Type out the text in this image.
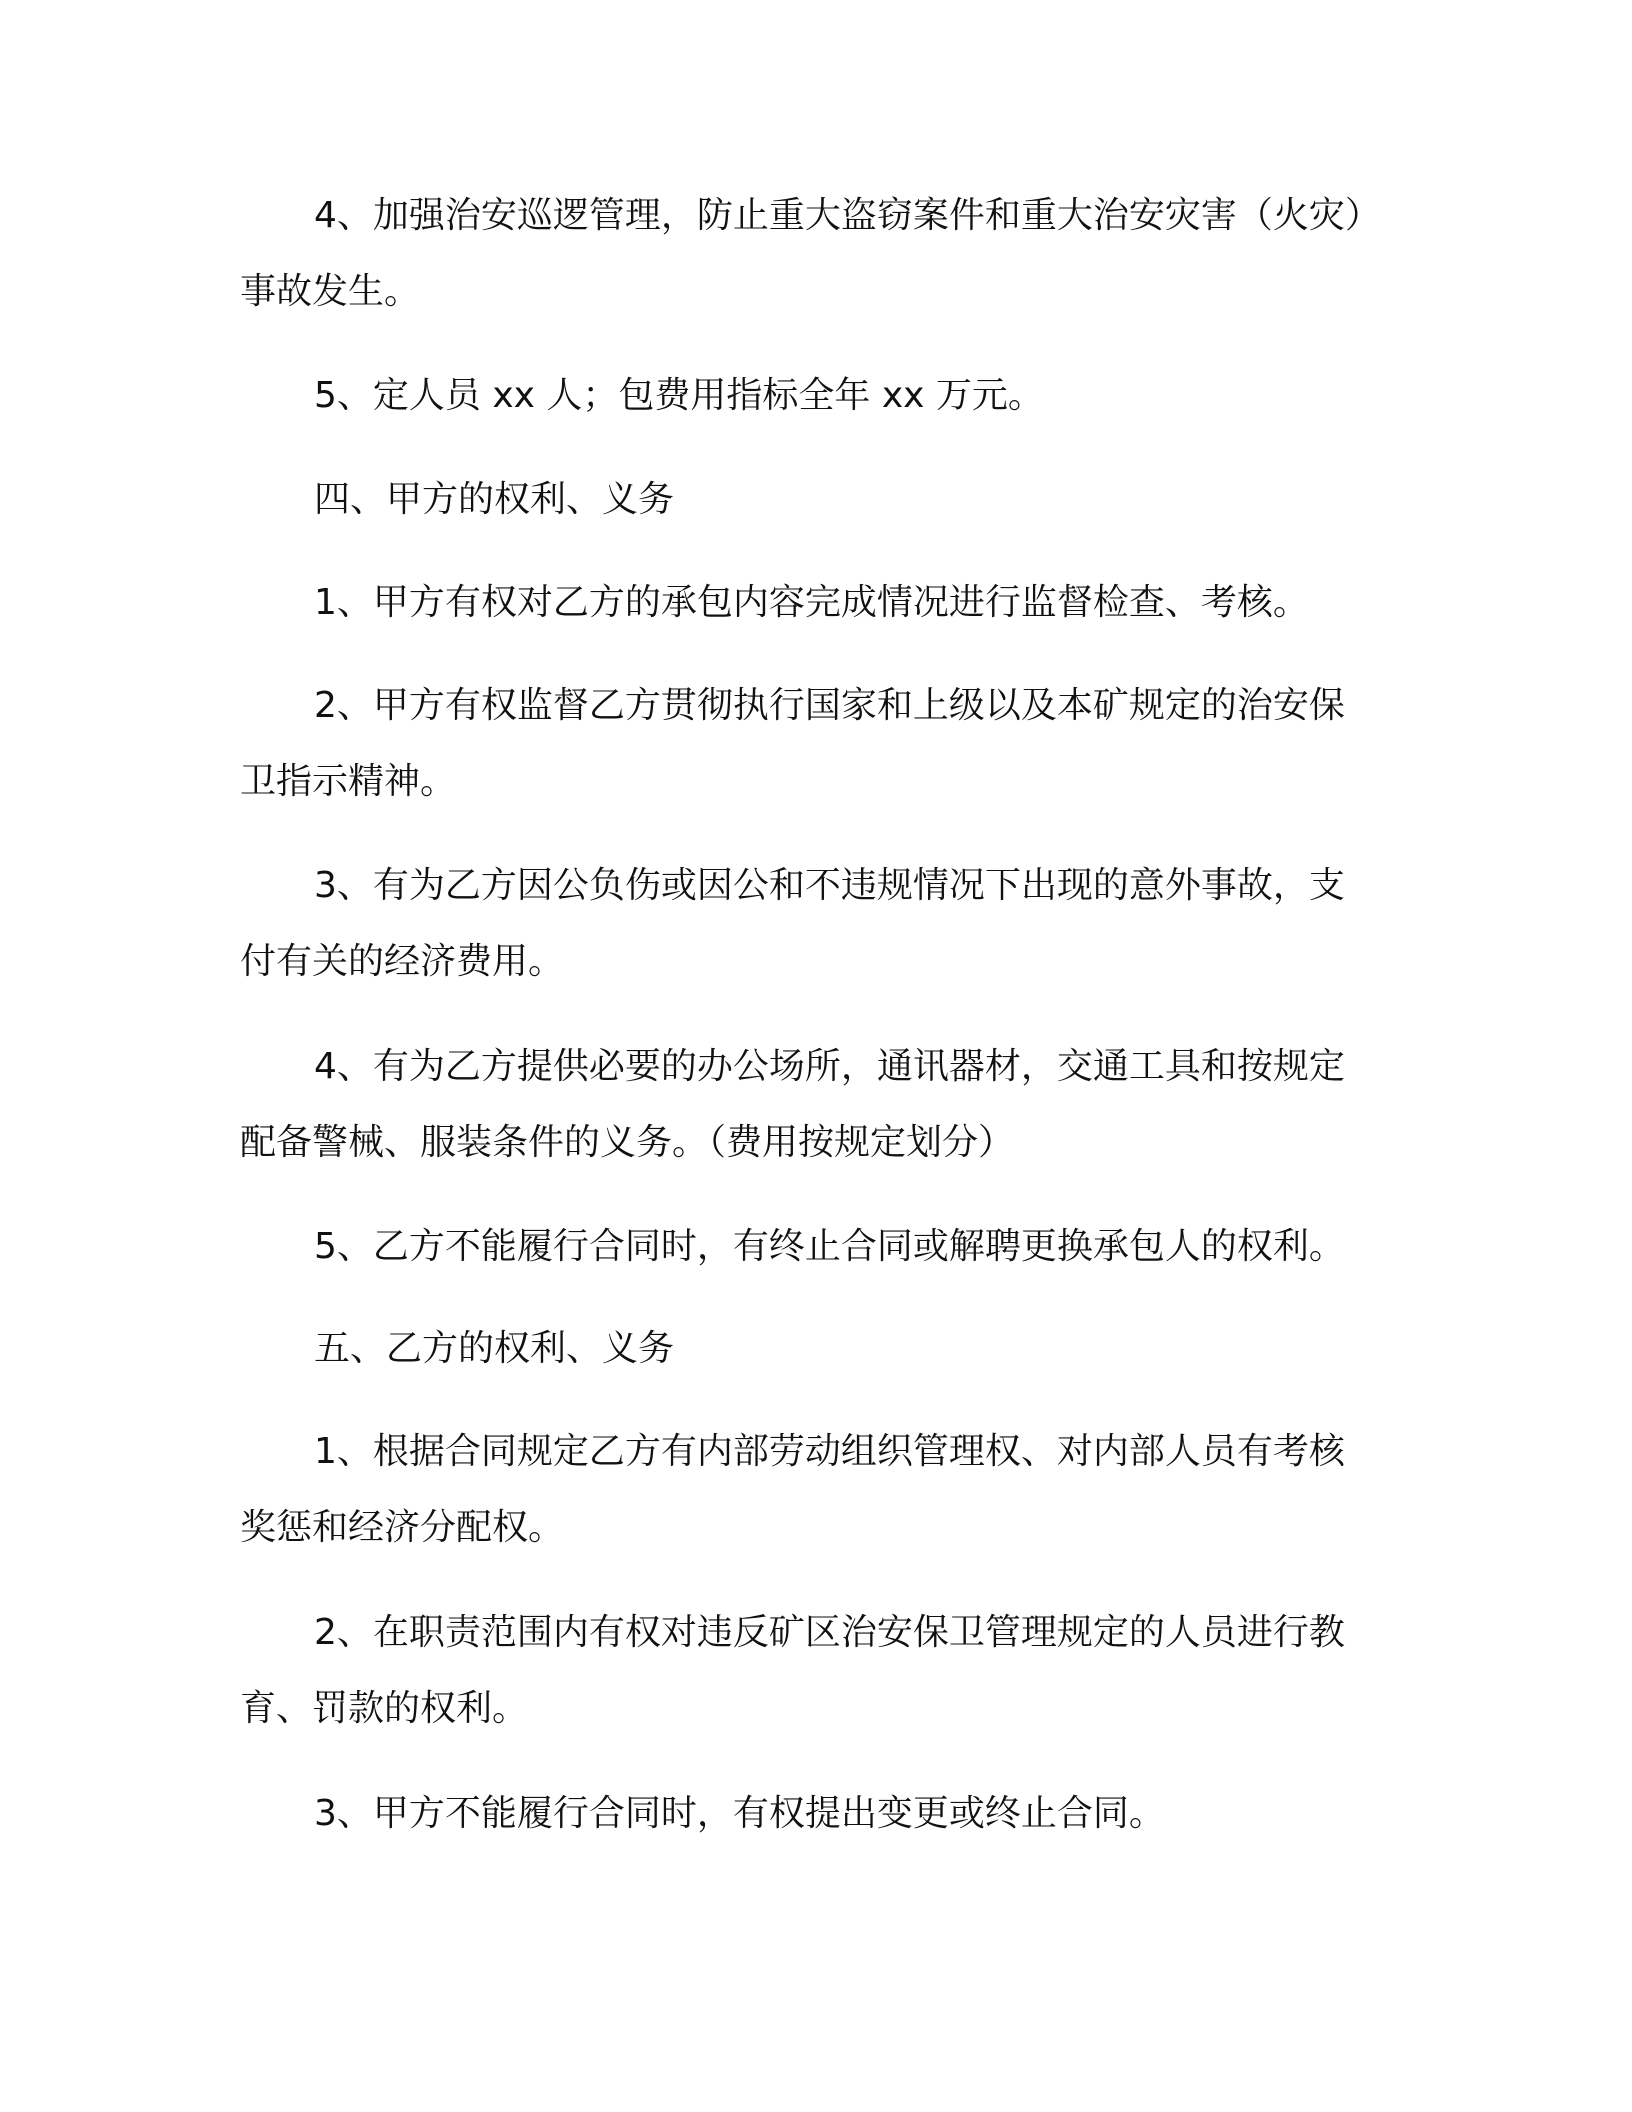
4、加强治安巡逻管理，防止重大盗窃案件和重大治安灾害（火灾）
事故发生。
5、定人员 xx 人；包费用指标全年 xx 万元。
四、甲方的权利、义务
1、甲方有权对乙方的承包内容完成情况进行监督检查、考核。
2、甲方有权监督乙方贯彻执行国家和上级以及本矿规定的治安保
卫指示精神。
3、有为乙方因公负伤或因公和不违规情况下出现的意外事故，支
付有关的经济费用。
4、有为乙方提供必要的办公场所，通讯器材，交通工具和按规定
配备警械、服装条件的义务。（费用按规定划分）
5、乙方不能履行合同时，有终止合同或解聘更换承包人的权利。
五、乙方的权利、义务
1、根据合同规定乙方有内部劳动组织管理权、对内部人员有考核
奖惩和经济分配权。
2、在职责范围内有权对违反矿区治安保卫管理规定的人员进行教
育、罚款的权利。
3、甲方不能履行合同时，有权提出变更或终止合同。
